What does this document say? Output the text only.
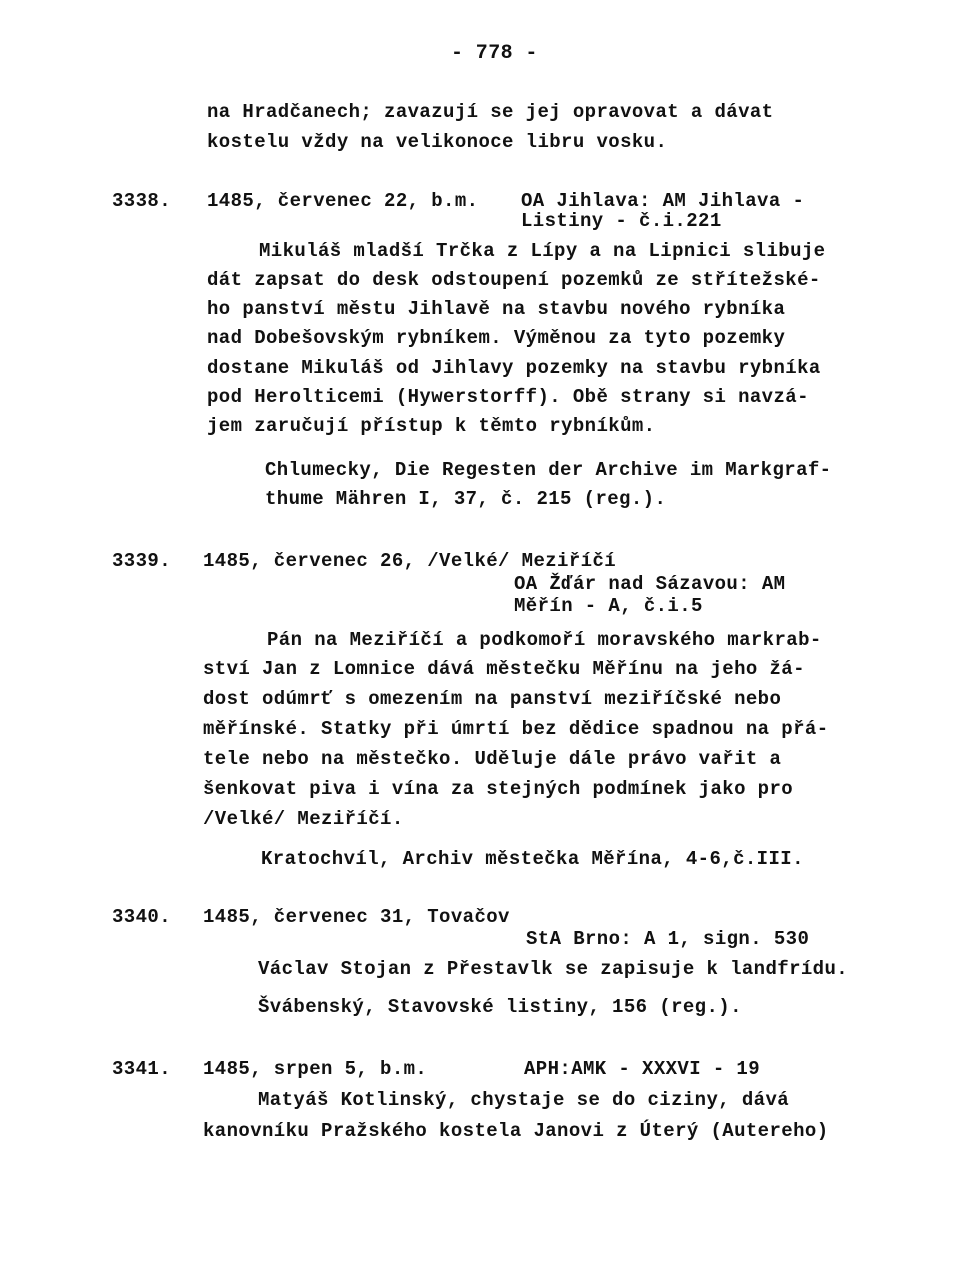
- 778 -
na Hradčanech; zavazují se jej opravovat a dávat
kostelu vždy na velikonoce libru vosku.
3338. 1485, červenec 22, b.m. OA Jihlava: AM Jihlava -
Listiny - č.i.221
Mikuláš mladší Trčka z Lípy a na Lipnici slibuje
dát zapsat do desk odstoupení pozemků ze střítežské-
ho panství městu Jihlavě na stavbu nového rybníka
nad Dobešovským rybníkem. Výměnou za tyto pozemky
dostane Mikuláš od Jihlavy pozemky na stavbu rybníka
pod Herolticemi (Hywerstorff). Obě strany si navzá-
jem zaručují přístup k těmto rybníkům.
Chlumecky, Die Regesten der Archive im Markgraf-
thume Mähren I, 37, č. 215 (reg.).
3339. 1485, červenec 26, /Velké/ Meziříčí
OA Žďár nad Sázavou: AM
Měřín - A, č.i.5
Pán na Meziříčí a podkomoří moravského markrab-
ství Jan z Lomnice dává městečku Měřínu na jeho žá-
dost odúmrť s omezením na panství meziříčské nebo
měřínské. Statky při úmrtí bez dědice spadnou na přá-
tele nebo na městečko. Uděluje dále právo vařit a
šenkovat piva i vína za stejných podmínek jako pro
/Velké/ Meziříčí.
Kratochvíl, Archiv městečka Měřína, 4-6,č.III.
3340. 1485, červenec 31, Tovačov
StA Brno: A 1, sign. 530
Václav Stojan z Přestavlk se zapisuje k landfrídu.
Švábenský, Stavovské listiny, 156 (reg.).
3341. 1485, srpen 5, b.m.	APH:AMK - XXXVI - 19
Matyáš Kotlinský, chystaje se do ciziny, dává
kanovníku Pražského kostela Janovi z Úterý (Autereho)
